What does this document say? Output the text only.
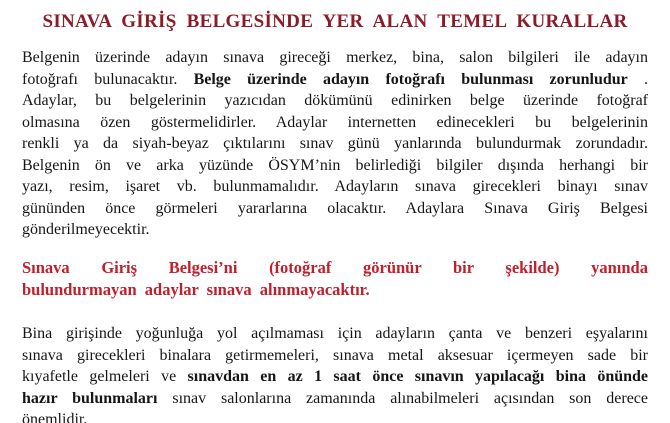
SINAVA GİRİŞ BELGESİNDE YER ALAN TEMEL KURALLAR
Belgenin üzerinde adayın sınava gireceği merkez, bina, salon bilgileri ile adayın
fotoğrafı bulunacaktır. Belge üzerinde adayın fotoğrafı bulunması zorunludur .
Adaylar, bu belgelerinin yazıcıdan dökümünü edinirken belge üzerinde fotoğraf
olmasına özen göstermelidirler. Adaylar internetten edinecekleri bu belgelerinin
renkli ya da siyah-beyaz çıktılarını sınav günü yanlarında bulundurmak zorundadır.
Belgenin ön ve arka yüzünde ÖSYM’nin belirlediği bilgiler dışında herhangi bir
yazı, resim, işaret vb. bulunmamalıdır. Adayların sınava girecekleri binayı sınav
gününden önce görmeleri yararlarına olacaktır. Adaylara Sınava Giriş Belgesi
gönderilmeyecektir.
Sınava Giriş Belgesi’ni (fotoğraf görünür bir şekilde) yanında
bulundurmayan adaylar sınava alınmayacaktır.
Bina girişinde yoğunluğa yol açılmaması için adayların çanta ve benzeri eşyalarını
sınava girecekleri binalara getirmemeleri, sınava metal aksesuar içermeyen sade bir
kıyafetle gelmeleri ve sınavdan en az 1 saat önce sınavın yapılacağı bina önünde
hazır bulunmaları sınav salonlarına zamanında alınabilmeleri açısından son derece
önemlidir.
